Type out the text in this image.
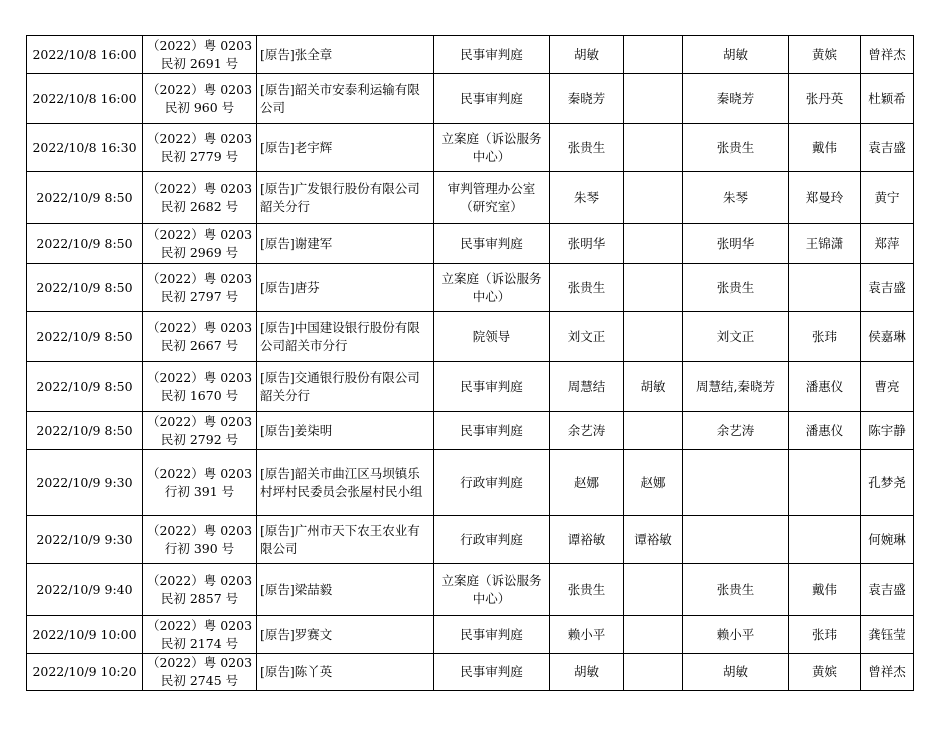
2022/10/8 16:00	（2022）粤 0203 民初 2691 号	[原告]张全章	民事审判庭	胡敏		胡敏	黄嫔	曾祥杰
2022/10/8 16:00	（2022）粤 0203 民初 960 号	[原告]韶关市安泰利运输有限公司	民事审判庭	秦晓芳		秦晓芳	张丹英	杜颖希
2022/10/8 16:30	（2022）粤 0203 民初 2779 号	[原告]老宇辉	立案庭（诉讼服务中心）	张贵生		张贵生	戴伟	袁吉盛
2022/10/9 8:50	（2022）粤 0203 民初 2682 号	[原告]广发银行股份有限公司韶关分行	审判管理办公室（研究室）	朱琴		朱琴	郑曼玲	黄宁
2022/10/9 8:50	（2022）粤 0203 民初 2969 号	[原告]谢建军	民事审判庭	张明华		张明华	王锦潇	郑萍
2022/10/9 8:50	（2022）粤 0203 民初 2797 号	[原告]唐芬	立案庭（诉讼服务中心）	张贵生		张贵生		袁吉盛
2022/10/9 8:50	（2022）粤 0203 民初 2667 号	[原告]中国建设银行股份有限公司韶关市分行	院领导	刘文正		刘文正	张玮	侯嘉琳
2022/10/9 8:50	（2022）粤 0203 民初 1670 号	[原告]交通银行股份有限公司韶关分行	民事审判庭	周慧结	胡敏	周慧结,秦晓芳	潘惠仪	曹亮
2022/10/9 8:50	（2022）粤 0203 民初 2792 号	[原告]姜柒明	民事审判庭	余艺涛		余艺涛	潘惠仪	陈宇静
2022/10/9 9:30	（2022）粤 0203 行初 391 号	[原告]韶关市曲江区马坝镇乐村坪村民委员会张屋村民小组	行政审判庭	赵娜	赵娜			孔梦尧
2022/10/9 9:30	（2022）粤 0203 行初 390 号	[原告]广州市天下农王农业有限公司	行政审判庭	谭裕敏	谭裕敏			何婉琳
2022/10/9 9:40	（2022）粤 0203 民初 2857 号	[原告]梁喆毅	立案庭（诉讼服务中心）	张贵生		张贵生	戴伟	袁吉盛
2022/10/9 10:00	（2022）粤 0203 民初 2174 号	[原告]罗赛文	民事审判庭	赖小平		赖小平	张玮	龚钰莹
2022/10/9 10:20	（2022）粤 0203 民初 2745 号	[原告]陈丫英	民事审判庭	胡敏		胡敏	黄嫔	曾祥杰
